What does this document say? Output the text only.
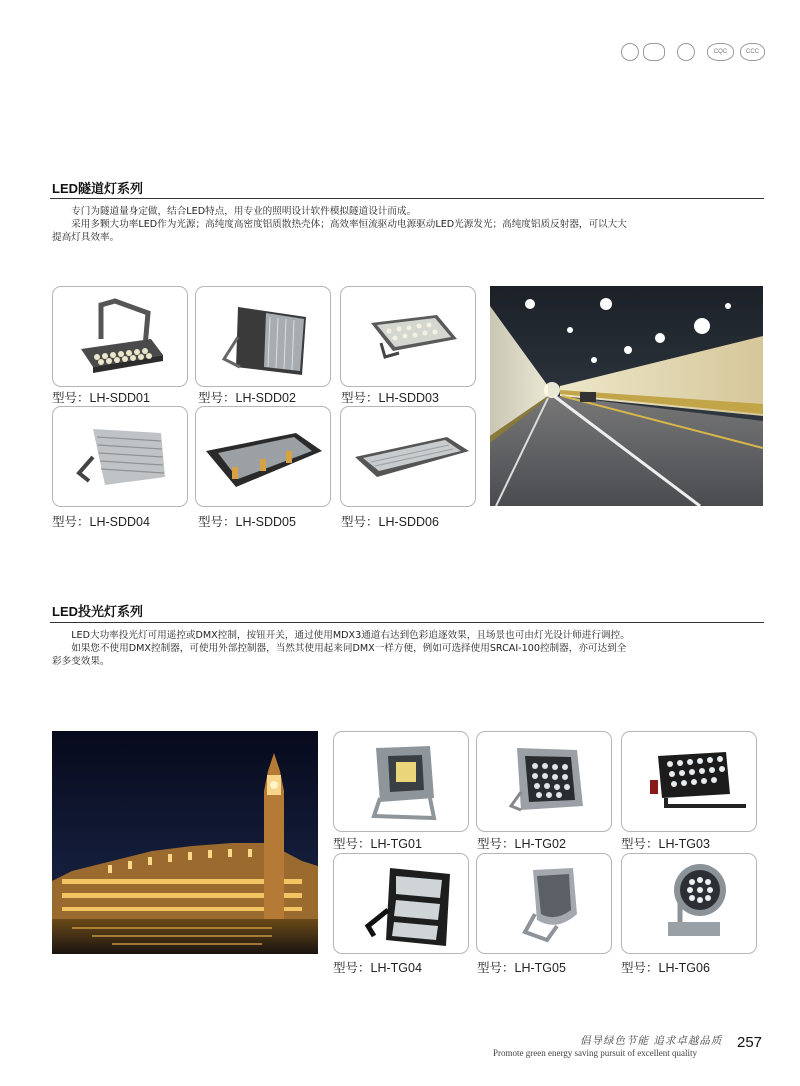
CQC	CCC
LED隧道灯系列

专门为隧道量身定做，结合LED特点，用专业的照明设计软件模拟隧道设计而成。

采用多颗大功率LED作为光源；高纯度高密度铝质散热壳体；高效率恒流驱动电源驱动LED光源发光；高纯度铝质反射器，可以大大提高灯具效率。

型号：LH-SDD01	型号：LH-SDD02	型号：LH-SDD03
型号：LH-SDD04	型号：LH-SDD05	型号：LH-SDD06
LED投光灯系列

LED大功率投光灯可用遥控或DMX控制，按钮开关，通过使用MDX3通道右达到色彩追逐效果，且场景也可由灯光设计师进行调控。

如果您不使用DMX控制器，可使用外部控制器，当然其使用起来同DMX一样方便，例如可选择使用SRCAI-100控制器，亦可达到全彩多变效果。

型号：LH-TG01	型号：LH-TG02	型号：LH-TG03
型号：LH-TG04	型号：LH-TG05	型号：LH-TG06
倡导绿色节能 追求卓越品质
Promote green energy saving pursuit of excellent quality
257
